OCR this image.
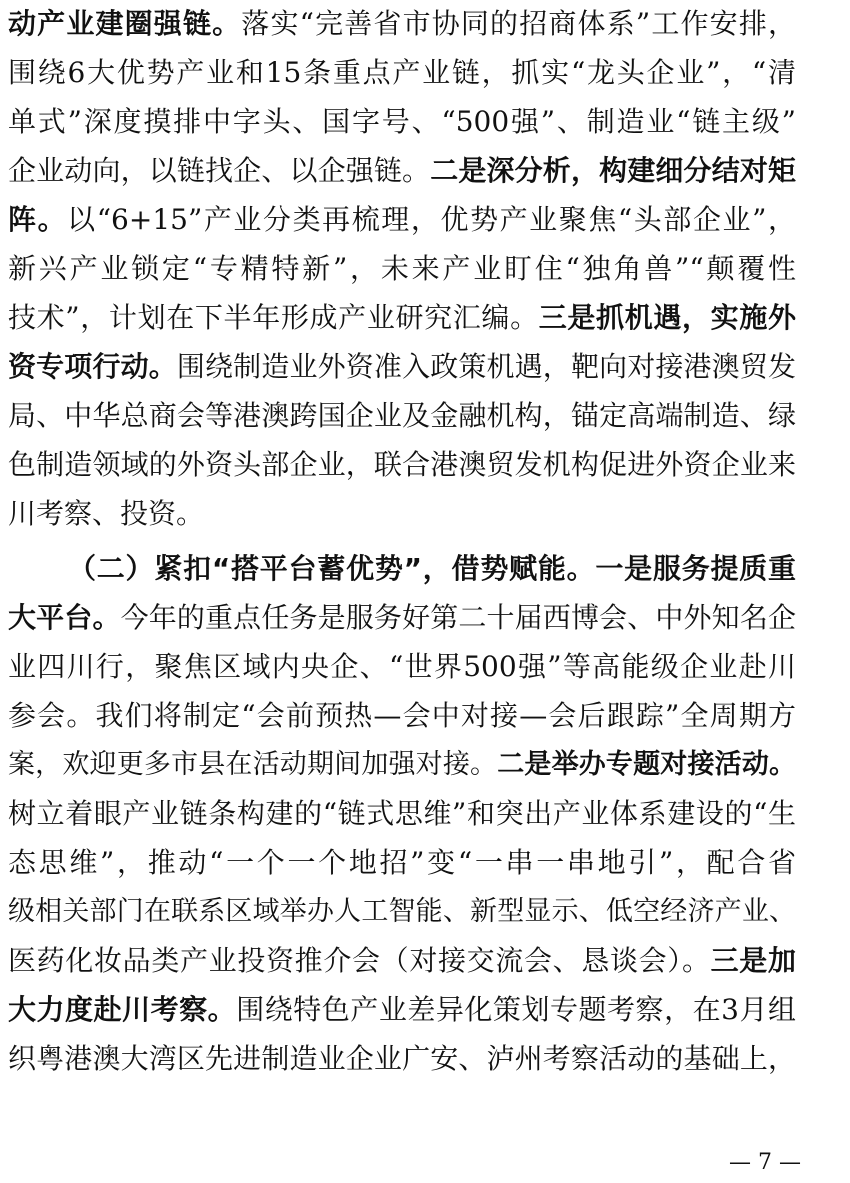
动产业建圈强链。落实“完善省市协同的招商体系”工作安排，
围绕6大优势产业和15条重点产业链，抓实“龙头企业”，“清
单式”深度摸排中字头、国字号、“500强”、制造业“链主级”
企业动向，以链找企、以企强链。二是深分析，构建细分结对矩
阵。以“6+15”产业分类再梳理，优势产业聚焦“头部企业”，
新兴产业锁定“专精特新”，未来产业盯住“独角兽”“颠覆性
技术”，计划在下半年形成产业研究汇编。三是抓机遇，实施外
资专项行动。围绕制造业外资准入政策机遇，靶向对接港澳贸发
局、中华总商会等港澳跨国企业及金融机构，锚定高端制造、绿
色制造领域的外资头部企业，联合港澳贸发机构促进外资企业来
川考察、投资。
（二）紧扣“搭平台蓄优势”，借势赋能。一是服务提质重
大平台。今年的重点任务是服务好第二十届西博会、中外知名企
业四川行，聚焦区域内央企、“世界500强”等高能级企业赴川
参会。我们将制定“会前预热—会中对接—会后跟踪”全周期方
案，欢迎更多市县在活动期间加强对接。二是举办专题对接活动。
树立着眼产业链条构建的“链式思维”和突出产业体系建设的“生
态思维”，推动“一个一个地招”变“一串一串地引”，配合省
级相关部门在联系区域举办人工智能、新型显示、低空经济产业、
医药化妆品类产业投资推介会（对接交流会、恳谈会）。三是加
大力度赴川考察。围绕特色产业差异化策划专题考察，在3月组
织粤港澳大湾区先进制造业企业广安、泸州考察活动的基础上，
— 7 —
